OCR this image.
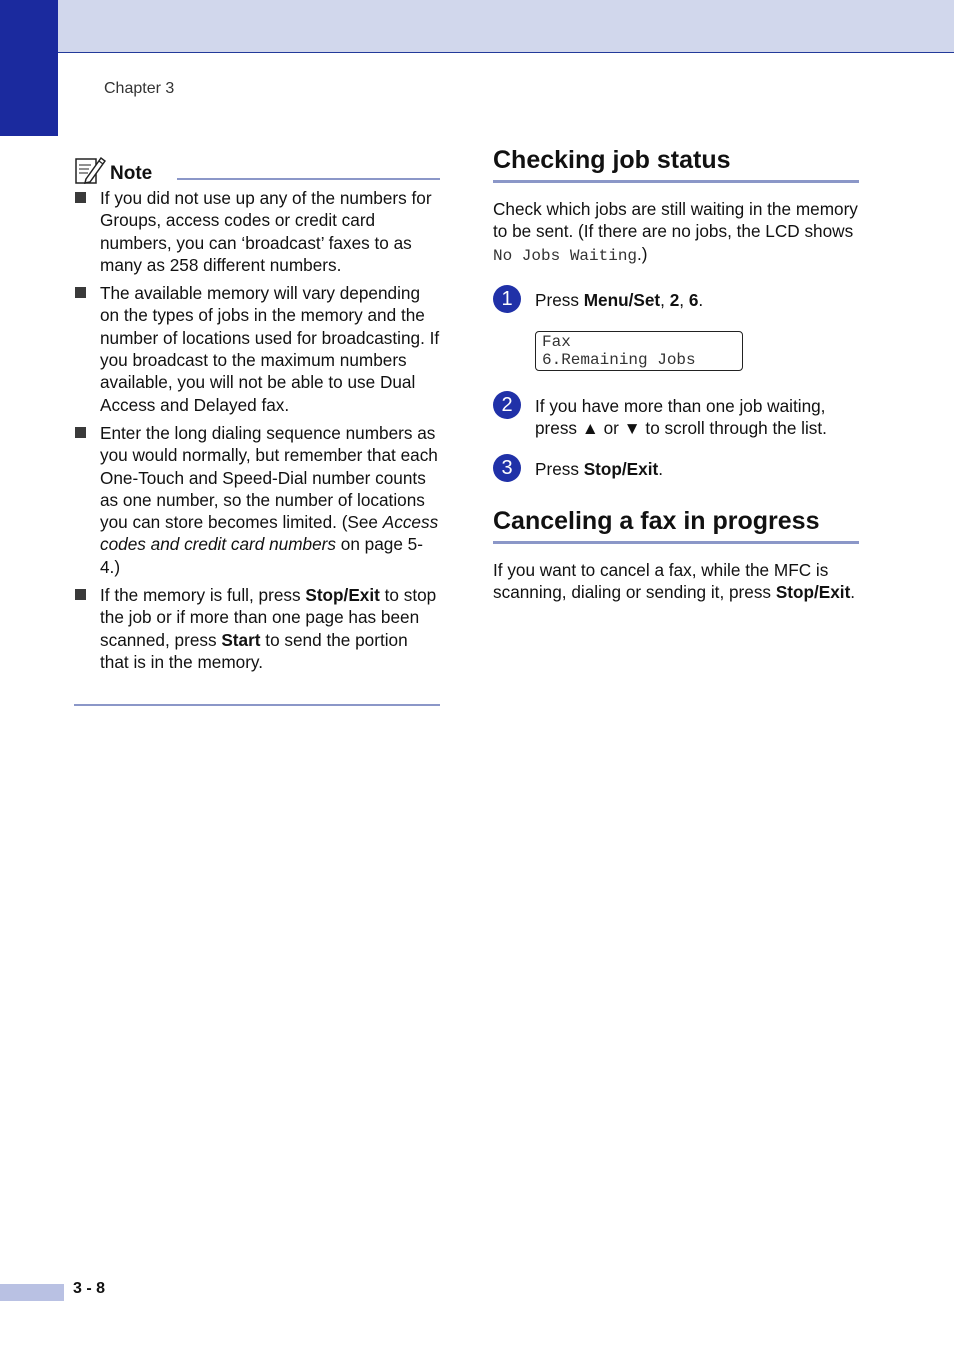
Chapter 3
Note
If you did not use up any of the numbers for Groups, access codes or credit card numbers, you can ‘broadcast’ faxes to as many as 258 different numbers.
The available memory will vary depending on the types of jobs in the memory and the number of locations used for broadcasting. If you broadcast to the maximum numbers available, you will not be able to use Dual Access and Delayed fax.
Enter the long dialing sequence numbers as you would normally, but remember that each One-Touch and Speed-Dial number counts as one number, so the number of locations you can store becomes limited. (See Access codes and credit card numbers on page 5-4.)
If the memory is full, press Stop/Exit to stop the job or if more than one page has been scanned, press Start to send the portion that is in the memory.
Checking job status

Check which jobs are still waiting in the memory to be sent. (If there are no jobs, the LCD shows No Jobs Waiting.)

1	Press Menu/Set, 2, 6.
Fax
6.Remaining Jobs
2	If you have more than one job waiting, press ▲ or ▼ to scroll through the list.
3	Press Stop/Exit.
Canceling a fax in progress

If you want to cancel a fax, while the MFC is scanning, dialing or sending it, press Stop/Exit.

3 - 8
